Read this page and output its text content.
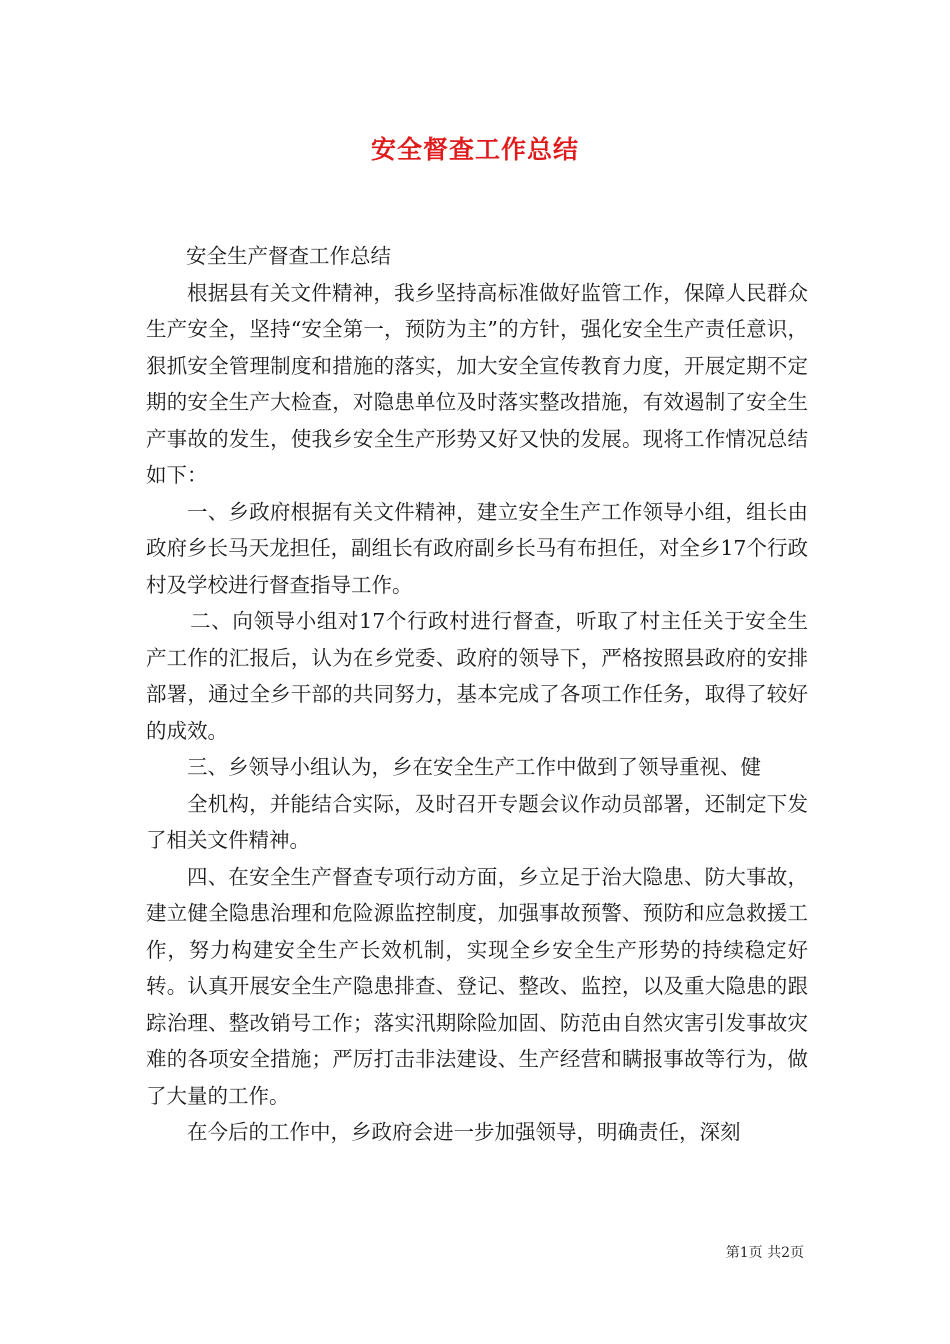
安全督查工作总结

安全生产督查工作总结

根据县有关文件精神，我乡坚持高标准做好监管工作，保障人民群众生产安全，坚持“安全第一，预防为主”的方针，强化安全生产责任意识，狠抓安全管理制度和措施的落实，加大安全宣传教育力度，开展定期不定期的安全生产大检查，对隐患单位及时落实整改措施，有效遏制了安全生产事故的发生，使我乡安全生产形势又好又快的发展。现将工作情况总结如下：

一、乡政府根据有关文件精神，建立安全生产工作领导小组，组长由政府乡长马天龙担任，副组长有政府副乡长马有布担任，对全乡17个行政村及学校进行督查指导工作。

二、向领导小组对17个行政村进行督查，听取了村主任关于安全生产工作的汇报后，认为在乡党委、政府的领导下，严格按照县政府的安排部署，通过全乡干部的共同努力，基本完成了各项工作任务，取得了较好的成效。

三、乡领导小组认为，乡在安全生产工作中做到了领导重视、健

全机构，并能结合实际，及时召开专题会议作动员部署，还制定下发了相关文件精神。

四、在安全生产督查专项行动方面，乡立足于治大隐患、防大事故，建立健全隐患治理和危险源监控制度，加强事故预警、预防和应急救援工作，努力构建安全生产长效机制，实现全乡安全生产形势的持续稳定好转。认真开展安全生产隐患排查、登记、整改、监控，以及重大隐患的跟踪治理、整改销号工作；落实汛期除险加固、防范由自然灾害引发事故灾难的各项安全措施；严厉打击非法建设、生产经营和瞒报事故等行为，做了大量的工作。

在今后的工作中，乡政府会进一步加强领导，明确责任，深刻

第1页 共2页
